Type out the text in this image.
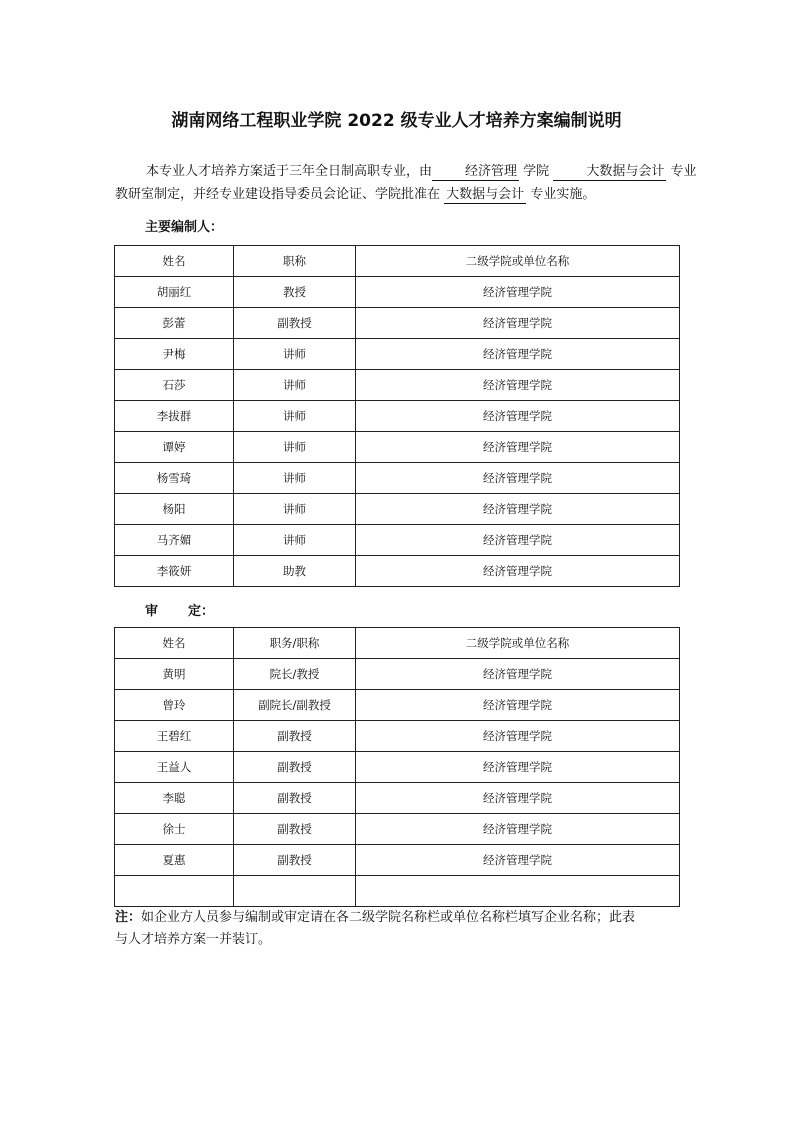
湖南网络工程职业学院 2022 级专业人才培养方案编制说明
本专业人才培养方案适于三年全日制高职专业，由	经济管理 学院	大数据与会计 专业
教研室制定，并经专业建设指导委员会论证、学院批准在 大数据与会计 专业实施。
主要编制人：
姓名	职称	二级学院或单位名称
胡丽红	教授	经济管理学院
彭蕾	副教授	经济管理学院
尹梅	讲师	经济管理学院
石莎	讲师	经济管理学院
李拔群	讲师	经济管理学院
谭婷	讲师	经济管理学院
杨雪琦	讲师	经济管理学院
杨阳	讲师	经济管理学院
马齐媚	讲师	经济管理学院
李筱妍	助教	经济管理学院
审 定：
姓名	职务/职称	二级学院或单位名称
黄明	院长/教授	经济管理学院
曾玲	副院长/副教授	经济管理学院
王碧红	副教授	经济管理学院
王益人	副教授	经济管理学院
李聪	副教授	经济管理学院
徐士	副教授	经济管理学院
夏惠	副教授	经济管理学院

注：如企业方人员参与编制或审定请在各二级学院名称栏或单位名称栏填写企业名称；此表
与人才培养方案一并装订。
